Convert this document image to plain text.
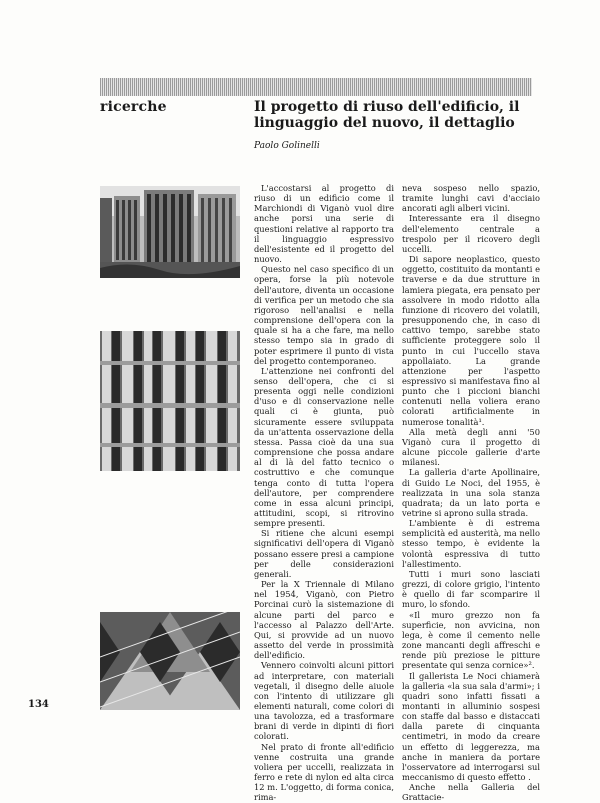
ricerche	Il progetto di riuso dell'edificio, il linguaggio del nuovo, il dettaglio
Paolo Golinelli

L'accostarsi al progetto di riuso di un edificio come il Marchiondi di Viganò vuol dire anche porsi una serie di questioni relative al rapporto tra il linguaggio espressivo dell'esistente ed il progetto del nuovo.

Questo nel caso specifico di un opera, forse la più notevole dell'autore, diventa un occasione di verifica per un metodo che sia rigoroso nell'analisi e nella comprensione dell'opera con la quale si ha a che fare, ma nello stesso tempo sia in grado di poter esprimere il punto di vista del progetto contemporaneo.

L'attenzione nei confronti del senso dell'opera, che ci si presenta oggi nelle condizioni d'uso e di conservazione nelle quali ci è giunta, può sicuramente essere sviluppata da un'attenta osservazione della stessa. Passa cioè da una sua comprensione che possa andare al di là del fatto tecnico o costruttivo e che comunque tenga conto di tutta l'opera dell'autore, per comprendere come in essa alcuni principi, attitudini, scopi, si ritrovino sempre presenti.

Si ritiene che alcuni esempi significativi dell'opera di Viganò possano essere presi a campione per delle considerazioni generali.

Per la X Triennale di Milano nel 1954, Viganò, con Pietro Porcinai curò la sistemazione di alcune parti del parco e l'accesso al Palazzo dell'Arte. Qui, si provvide ad un nuovo assetto del verde in prossimità dell'edificio.

Vennero coinvolti alcuni pittori ad interpretare, con materiali vegetali, il disegno delle aiuole con l'intento di utilizzare gli elementi naturali, come colori di una tavolozza, ed a trasformare brani di verde in dipinti di fiori colorati.

Nel prato di fronte all'edificio venne costruita una grande voliera per uccelli, realizzata in ferro e rete di nylon ed alta circa 12 m. L'oggetto, di forma conica, rima-

neva sospeso nello spazio, tramite lunghi cavi d'acciaio ancorati agli alberi vicini.

Interessante era il disegno dell'elemento centrale a trespolo per il ricovero degli uccelli.

Di sapore neoplastico, questo oggetto, costituito da montanti e traverse e da due strutture in lamiera piegata, era pensato per assolvere in modo ridotto alla funzione di ricovero dei volatili, presupponendo che, in caso di cattivo tempo, sarebbe stato sufficiente proteggere solo il punto in cui l'uccello stava appollaiato. La grande attenzione per l'aspetto espressivo si manifestava fino al punto che i piccioni bianchi contenuti nella voliera erano colorati artificialmente in numerose tonalità¹.

Alla metà degli anni '50 Viganò cura il progetto di alcune piccole gallerie d'arte milanesi.

La galleria d'arte Apollinaire, di Guido Le Noci, del 1955, è realizzata in una sola stanza quadrata; da un lato porta e vetrine si aprono sulla strada.

L'ambiente è di estrema semplicità ed austerità, ma nello stesso tempo, è evidente la volontà espressiva di tutto l'allestimento.

Tutti i muri sono lasciati grezzi, di colore grigio, l'intento è quello di far scomparire il muro, lo sfondo.

«Il muro grezzo non fa superficie, non avvicina, non lega, è come il cemento nelle zone mancanti degli affreschi e rende più preziose le pitture presentate qui senza cornice»².

Il gallerista Le Noci chiamerà la galleria «la sua sala d'armi»; i quadri sono infatti fissati a montanti in alluminio sospesi con staffe dal basso e distaccati dalla parete di cinquanta centimetri, in modo da creare un effetto di leggerezza, ma anche in maniera da portare l'osservatore ad interrogarsi sul meccanismo di questo effetto .

Anche nella Galleria del Grattacie-

134
